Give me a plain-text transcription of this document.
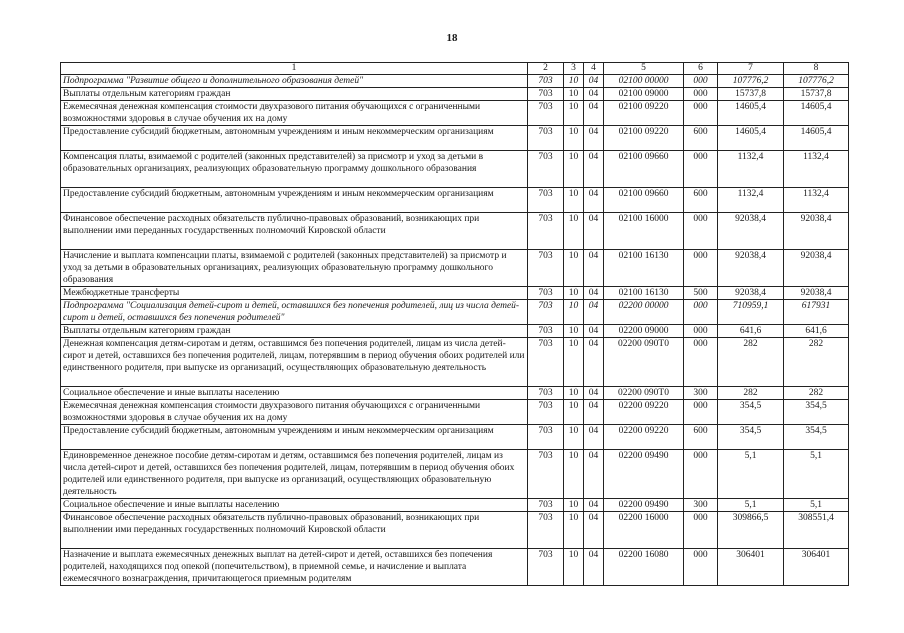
18
1	2	3	4	5	6	7	8
Подпрограмма "Развитие общего и дополнительного образования детей"	703	10	04	02100 00000	000	107776,2	107776,2
Выплаты отдельным категориям граждан	703	10	04	02100 09000	000	15737,8	15737,8
Ежемесячная денежная компенсация стоимости двухразового питания обучающихся с ограниченными возможностями здоровья в случае обучения их на дому	703	10	04	02100 09220	000	14605,4	14605,4
Предоставление субсидий бюджетным, автономным учреждениям и иным некоммерческим организациям	703	10	04	02100 09220	600	14605,4	14605,4
Компенсация платы, взимаемой с родителей (законных представителей) за присмотр и уход за детьми в образовательных организациях, реализующих образовательную программу дошкольного образования	703	10	04	02100 09660	000	1132,4	1132,4
Предоставление субсидий бюджетным, автономным учреждениям и иным некоммерческим организациям	703	10	04	02100 09660	600	1132,4	1132,4
Финансовое обеспечение расходных обязательств публично-правовых образований, возникающих при выполнении ими переданных государственных полномочий Кировской области	703	10	04	02100 16000	000	92038,4	92038,4
Начисление и выплата компенсации платы, взимаемой с родителей (законных представителей) за присмотр и уход за детьми в образовательных организациях, реализующих образовательную программу дошкольного образования	703	10	04	02100 16130	000	92038,4	92038,4
Межбюджетные трансферты	703	10	04	02100 16130	500	92038,4	92038,4
Подпрограмма "Социализация детей-сирот и детей, оставшихся без попечения родителей, лиц из числа детей-сирот и детей, оставшихся без попечения родителей"	703	10	04	02200 00000	000	710959,1	617931
Выплаты отдельным категориям граждан	703	10	04	02200 09000	000	641,6	641,6
Денежная компенсация детям-сиротам и детям, оставшимся без попечения родителей, лицам из числа детей-сирот и детей, оставшихся без попечения родителей, лицам, потерявшим в период обучения обоих родителей или единственного родителя, при выпуске из организаций, осуществляющих образовательную деятельность	703	10	04	02200 090Т0	000	282	282
Социальное обеспечение и иные выплаты населению	703	10	04	02200 090Т0	300	282	282
Ежемесячная денежная компенсация стоимости двухразового питания обучающихся с ограниченными возможностями здоровья в случае обучения их на дому	703	10	04	02200 09220	000	354,5	354,5
Предоставление субсидий бюджетным, автономным учреждениям и иным некоммерческим организациям	703	10	04	02200 09220	600	354,5	354,5
Единовременное денежное пособие детям-сиротам и детям, оставшимся без попечения родителей, лицам из числа детей-сирот и детей, оставшихся без попечения родителей, лицам, потерявшим в период обучения обоих родителей или единственного родителя, при выпуске из организаций, осуществляющих образовательную деятельность	703	10	04	02200 09490	000	5,1	5,1
Социальное обеспечение и иные выплаты населению	703	10	04	02200 09490	300	5,1	5,1
Финансовое обеспечение расходных обязательств публично-правовых образований, возникающих при выполнении ими переданных государственных полномочий Кировской области	703	10	04	02200 16000	000	309866,5	308551,4
Назначение и выплата ежемесячных денежных выплат на детей-сирот и детей, оставшихся без попечения родителей, находящихся под опекой (попечительством), в приемной семье, и начисление и выплата ежемесячного вознаграждения, причитающегося приемным родителям	703	10	04	02200 16080	000	306401	306401
